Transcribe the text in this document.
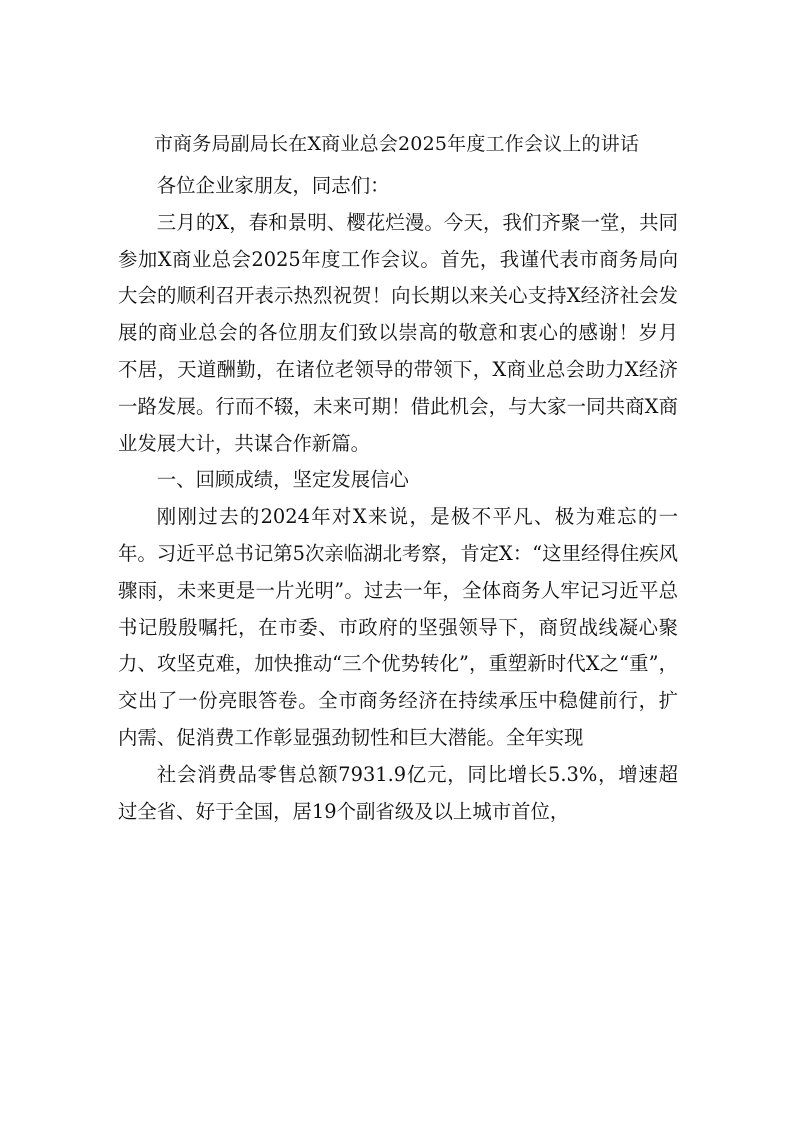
市商务局副局长在X商业总会2025年度工作会议上的讲话

各位企业家朋友，同志们：

三月的X，春和景明、樱花烂漫。今天，我们齐聚一堂，共同参加X商业总会2025年度工作会议。首先，我谨代表市商务局向大会的顺利召开表示热烈祝贺！向长期以来关心支持X经济社会发展的商业总会的各位朋友们致以崇高的敬意和衷心的感谢！岁月不居，天道酬勤，在诸位老领导的带领下，X商业总会助力X经济一路发展。行而不辍，未来可期！借此机会，与大家一同共商X商业发展大计，共谋合作新篇。

一、回顾成绩，坚定发展信心

刚刚过去的2024年对X来说，是极不平凡、极为难忘的一年。习近平总书记第5次亲临湖北考察，肯定X：“这里经得住疾风骤雨，未来更是一片光明”。过去一年，全体商务人牢记习近平总书记殷殷嘱托，在市委、市政府的坚强领导下，商贸战线凝心聚力、攻坚克难，加快推动“三个优势转化”，重塑新时代X之“重”，交出了一份亮眼答卷。全市商务经济在持续承压中稳健前行，扩内需、促消费工作彰显强劲韧性和巨大潜能。全年实现

社会消费品零售总额7931.9亿元，同比增长5.3%，增速超过全省、好于全国，居19个副省级及以上城市首位，
